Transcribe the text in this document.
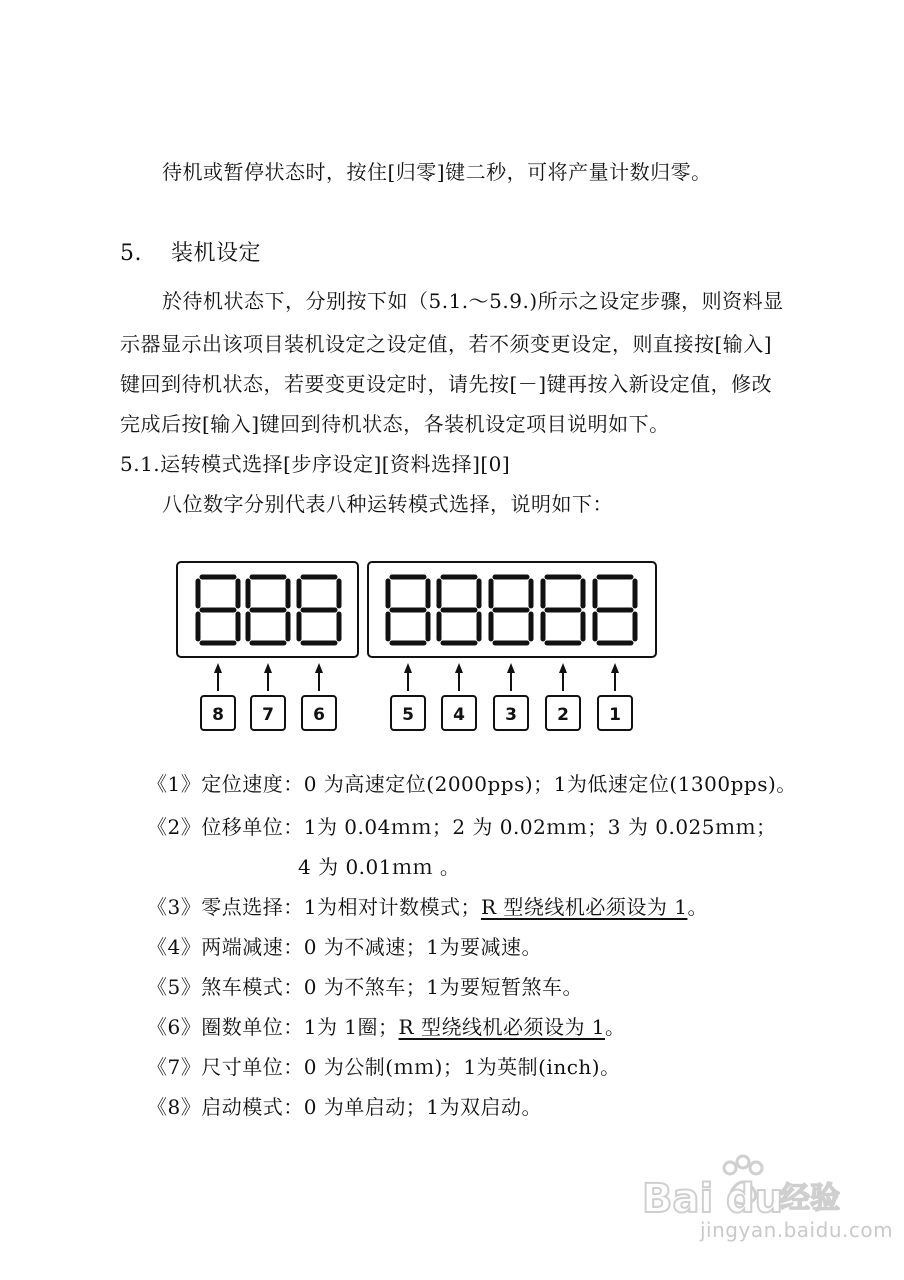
待机或暂停状态时，按住[归零]键二秒，可将产量计数归零。
5. 装机设定
於待机状态下，分别按下如（5.1.～5.9.)所示之设定步骤，则资料显
示器显示出该项目装机设定之设定值，若不须变更设定，则直接按[输入]
键回到待机状态，若要变更设定时，请先按[－]键再按入新设定值，修改
完成后按[输入]键回到待机状态，各装机设定项目说明如下。
5.1.运转模式选择[步序设定][资料选择][0]
八位数字分别代表八种运转模式选择，说明如下：
8 7 6	5 4 3 2 1
《1》定位速度：0 为高速定位(2000pps)；1为低速定位(1300pps)。
《2》位移单位：1为 0.04ｍｍ；2 为 0.02ｍｍ；3 为 0.025ｍｍ；
4 为 0.01ｍｍ 。
《3》零点选择：1为相对计数模式；R 型绕线机必须设为 1。
《4》两端减速：0 为不减速；1为要减速。
《5》煞车模式：0 为不煞车；1为要短暂煞车。
《6》圈数单位：1为 1圈；R 型绕线机必须设为 1。
《7》尺寸单位：0 为公制(ｍｍ)；1为英制(inch)。
《8》启动模式：0 为单启动；1为双启动。
Bai du
经验
jingyan.baidu.com
